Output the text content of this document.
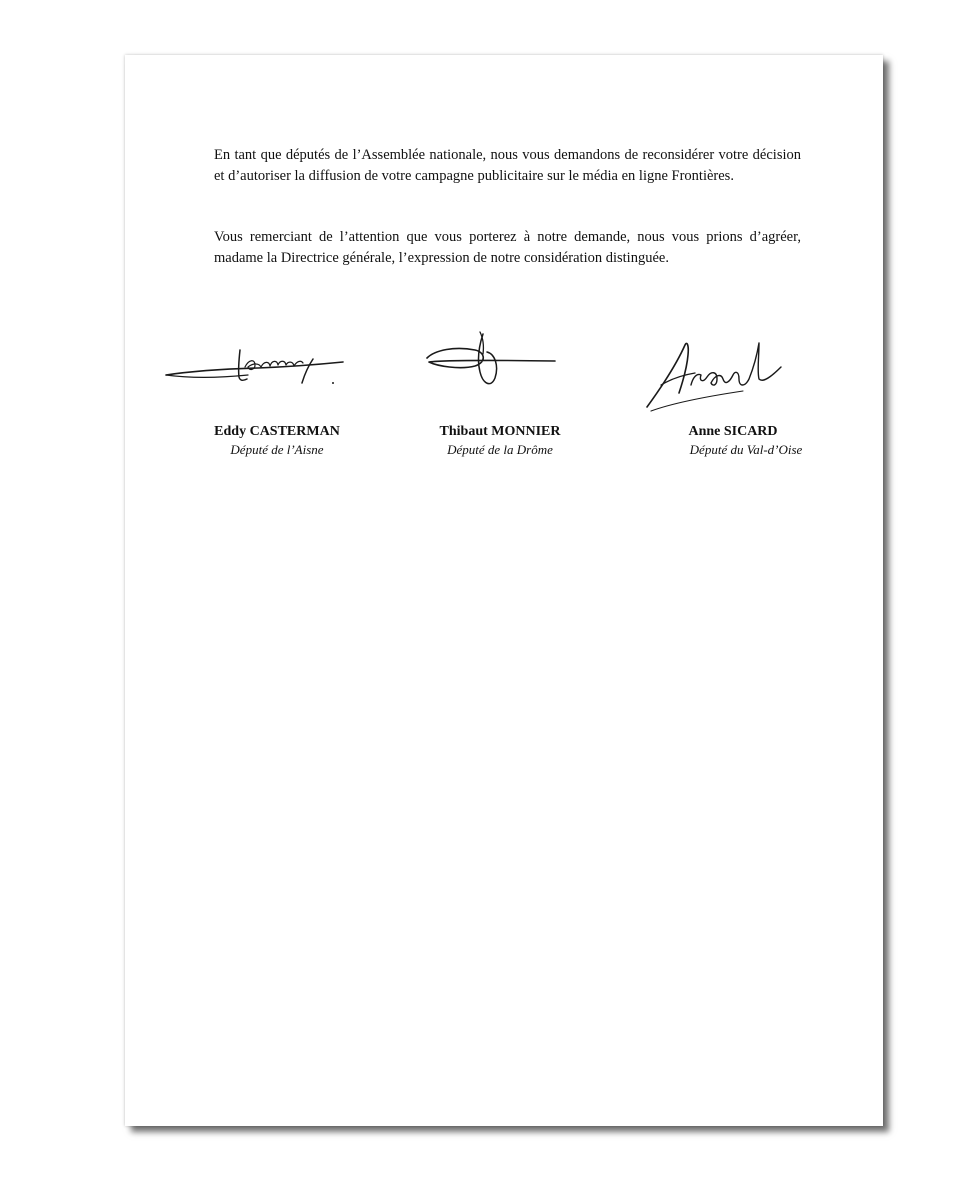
En tant que députés de l’Assemblée nationale, nous vous demandons de reconsidérer votre décision et d’autoriser la diffusion de votre campagne publicitaire sur le média en ligne Frontières.

Vous remerciant de l’attention que vous porterez à notre demande, nous vous prions d’agréer, madame la Directrice générale, l’expression de notre considération distinguée.

Eddy CASTERMAN
Député de l’Aisne
Thibaut MONNIER
Député de la Drôme
Anne SICARD
Député du Val-d’Oise
